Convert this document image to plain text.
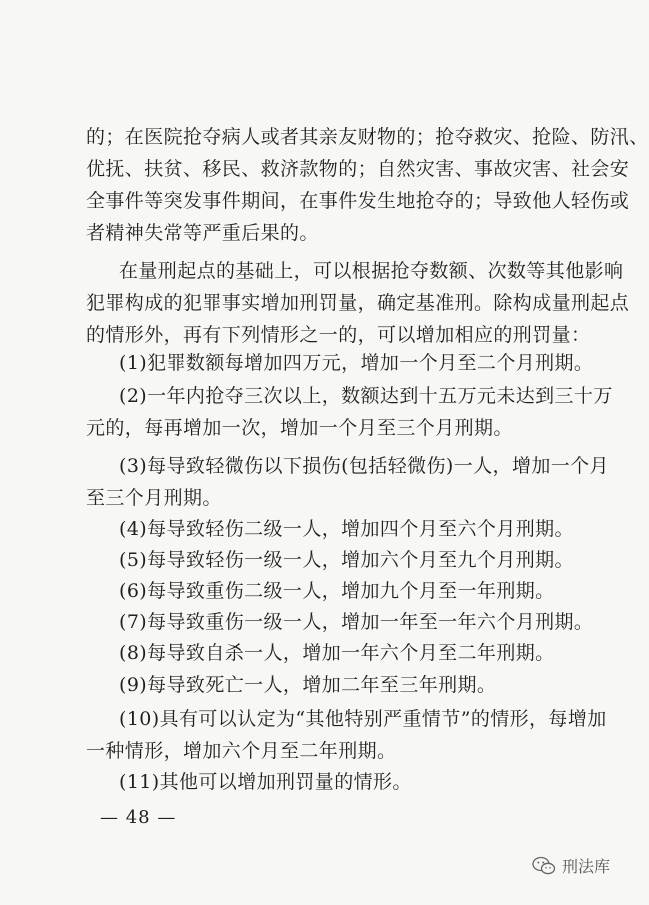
的；在医院抢夺病人或者其亲友财物的；抢夺救灾、抢险、防汛、
优抚、扶贫、移民、救济款物的；自然灾害、事故灾害、社会安
全事件等突发事件期间，在事件发生地抢夺的；导致他人轻伤或
者精神失常等严重后果的。
在量刑起点的基础上，可以根据抢夺数额、次数等其他影响
犯罪构成的犯罪事实增加刑罚量，确定基准刑。除构成量刑起点
的情形外，再有下列情形之一的，可以增加相应的刑罚量：
(1)犯罪数额每增加四万元，增加一个月至二个月刑期。
(2)一年内抢夺三次以上，数额达到十五万元未达到三十万
元的，每再增加一次，增加一个月至三个月刑期。
(3)每导致轻微伤以下损伤(包括轻微伤)一人，增加一个月
至三个月刑期。
(4)每导致轻伤二级一人，增加四个月至六个月刑期。
(5)每导致轻伤一级一人，增加六个月至九个月刑期。
(6)每导致重伤二级一人，增加九个月至一年刑期。
(7)每导致重伤一级一人，增加一年至一年六个月刑期。
(8)每导致自杀一人，增加一年六个月至二年刑期。
(9)每导致死亡一人，增加二年至三年刑期。
(10)具有可以认定为“其他特别严重情节”的情形，每增加
一种情形，增加六个月至二年刑期。
(11)其他可以增加刑罚量的情形。
— 48 —
刑法库
